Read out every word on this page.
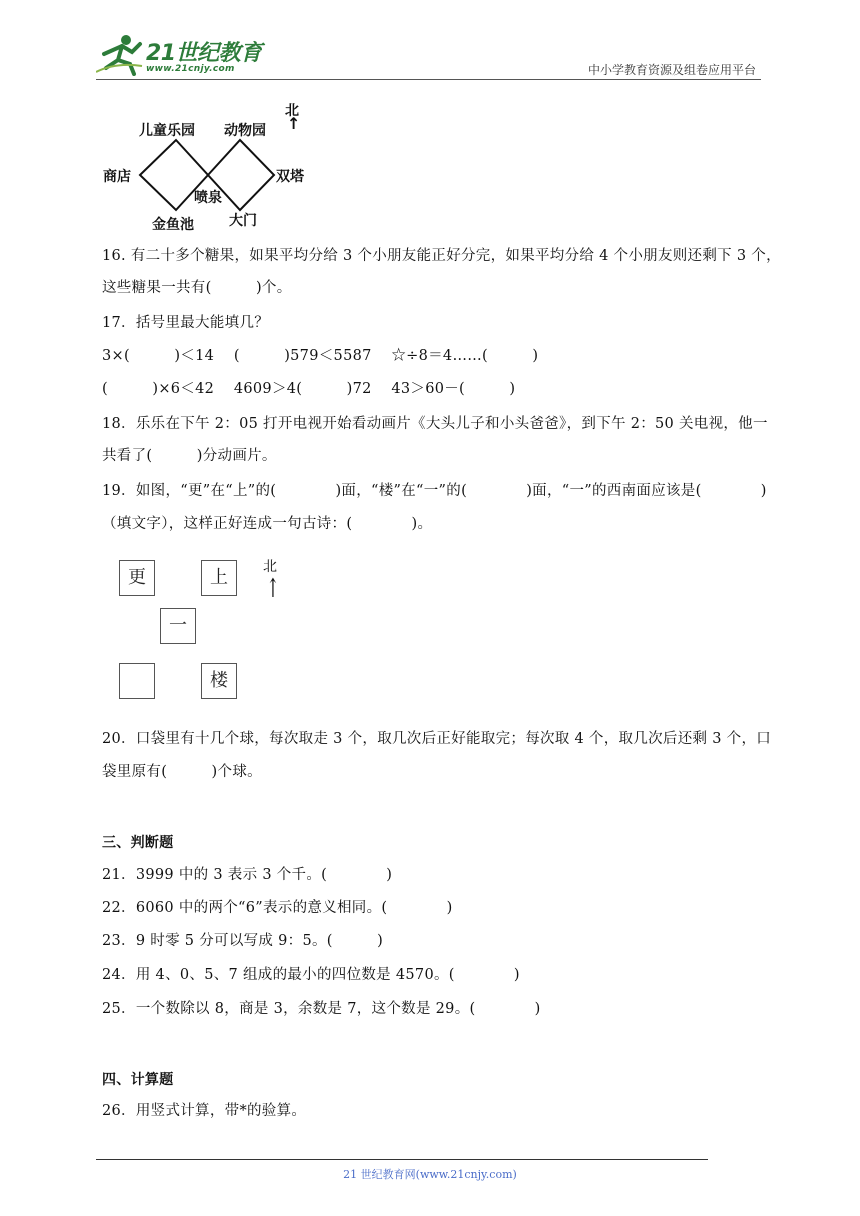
21世纪教育
www.21cnjy.com	中小学教育资源及组卷应用平台
儿童乐园 动物园
北
↑
商店
喷泉
双塔
金鱼池	大门
16. 有二十多个糖果，如果平均分给 3 个小朋友能正好分完，如果平均分给 4 个小朋友则还剩下 3 个，
这些糖果一共有(　　　)个。
17．括号里最大能填几？
3×(　　　)＜14　 (　　　)579＜5587　 ☆÷8＝4……(　　　)
(　　　)×6＜42　 4609＞4(　　　)72　 43＞60－(　　　)
18．乐乐在下午 2：05 打开电视开始看动画片《大头儿子和小头爸爸》，到下午 2：50 关电视，他一
共看了(　　　)分动画片。
19．如图，“更”在“上”的(　　　　)面，“楼”在“一”的(　　　　)面，“一”的西南面应该是(　　　　)
（填文字），这样正好连成一句古诗：(　　　　)。
更	上
一
楼
北
↑
20．口袋里有十几个球，每次取走 3 个，取几次后正好能取完；每次取 4 个，取几次后还剩 3 个，口
袋里原有(　　　)个球。
三、判断题
21．3999 中的 3 表示 3 个千。(　　　　)
22．6060 中的两个“6”表示的意义相同。(　　　　)
23．9 时零 5 分可以写成 9：5。(　　　)
24．用 4、0、5、7 组成的最小的四位数是 4570。(　　　　)
25．一个数除以 8，商是 3，余数是 7，这个数是 29。(　　　　)
四、计算题
26．用竖式计算，带*的验算。
21 世纪教育网(www.21cnjy.com)
